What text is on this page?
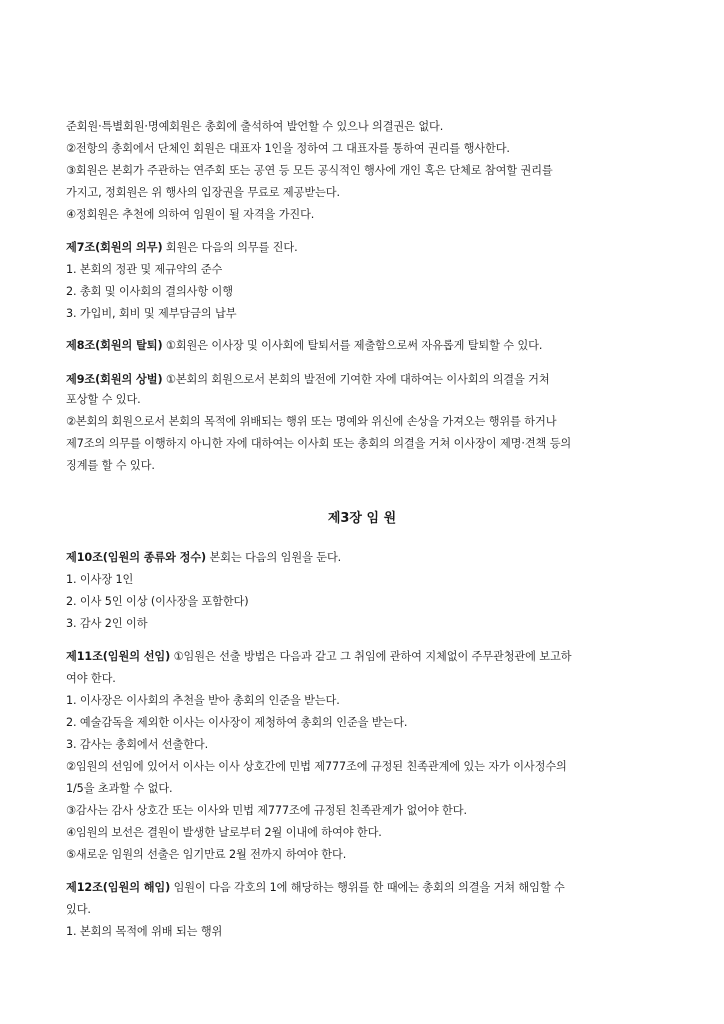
준회원·특별회원·명예회원은 총회에 출석하여 발언할 수 있으나 의결권은 없다.
②전항의 총회에서 단체인 회원은 대표자 1인을 정하여 그 대표자를 통하여 권리를 행사한다.
③회원은 본회가 주관하는 연주회 또는 공연 등 모든 공식적인 행사에 개인 혹은 단체로 참여할 권리를
가지고, 정회원은 위 행사의 입장권을 무료로 제공받는다.
④정회원은 추천에 의하여 임원이 될 자격을 가진다.
제7조(회원의 의무) 회원은 다음의 의무를 진다.
1. 본회의 정관 및 제규약의 준수
2. 총회 및 이사회의 결의사항 이행
3. 가입비, 회비 및 제부담금의 납부
제8조(회원의 탈퇴) ①회원은 이사장 및 이사회에 탈퇴서를 제출함으로써 자유롭게 탈퇴할 수 있다.
제9조(회원의 상벌) ①본회의 회원으로서 본회의 발전에 기여한 자에 대하여는 이사회의 의결을 거쳐
포상할 수 있다.
②본회의 회원으로서 본회의 목적에 위배되는 행위 또는 명예와 위신에 손상을 가져오는 행위를 하거나
제7조의 의무를 이행하지 아니한 자에 대하여는 이사회 또는 총회의 의결을 거쳐 이사장이 제명·견책 등의
징계를 할 수 있다.
제3장 임 원
제10조(임원의 종류와 정수) 본회는 다음의 임원을 둔다.
1. 이사장 1인
2. 이사 5인 이상 (이사장을 포함한다)
3. 감사 2인 이하
제11조(임원의 선임) ①임원은 선출 방법은 다음과 같고 그 취임에 관하여 지체없이 주무관청관에 보고하
여야 한다.
1. 이사장은 이사회의 추천을 받아 총회의 인준을 받는다.
2. 예술감독을 제외한 이사는 이사장이 제청하여 총회의 인준을 받는다.
3. 감사는 총회에서 선출한다.
②임원의 선임에 있어서 이사는 이사 상호간에 민법 제777조에 규정된 친족관계에 있는 자가 이사정수의
1/5을 초과할 수 없다.
③감사는 감사 상호간 또는 이사와 민법 제777조에 규정된 친족관계가 없어야 한다.
④임원의 보선은 결원이 발생한 날로부터 2월 이내에 하여야 한다.
⑤새로운 임원의 선출은 임기만료 2월 전까지 하여야 한다.
제12조(임원의 해임) 임원이 다음 각호의 1에 해당하는 행위를 한 때에는 총회의 의결을 거쳐 해임할 수
있다.
1. 본회의 목적에 위배 되는 행위
